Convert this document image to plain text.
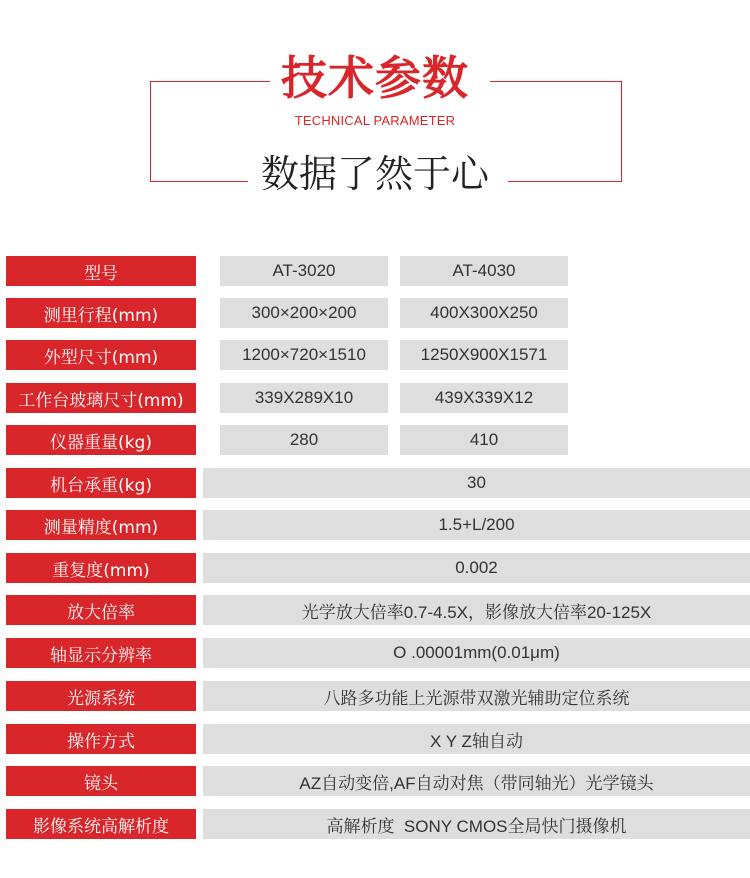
技术参数
TECHNICAL PARAMETER
数据了然于心
型号	AT-3020	AT-4030
测里行程(mm)	300×200×200	400X300X250
外型尺寸(mm)	1200×720×1510	1250X900X1571
工作台玻璃尺寸(mm)	339X289X10	439X339X12
仪器重量(kg)	280	410
机台承重(kg)	30
测量精度(mm)	1.5+L/200
重复度(mm)	0.002
放大倍率	光学放大倍率0.7-4.5X，影像放大倍率20-125X
轴显示分辨率	O .00001mm(0.01μm)
光源系统	八路多功能上光源带双激光辅助定位系统
操作方式	X Y Z轴自动
镜头	AZ自动变倍,AF自动对焦（带同轴光）光学镜头
影像系统高解析度	高解析度  SONY CMOS全局快门摄像机
